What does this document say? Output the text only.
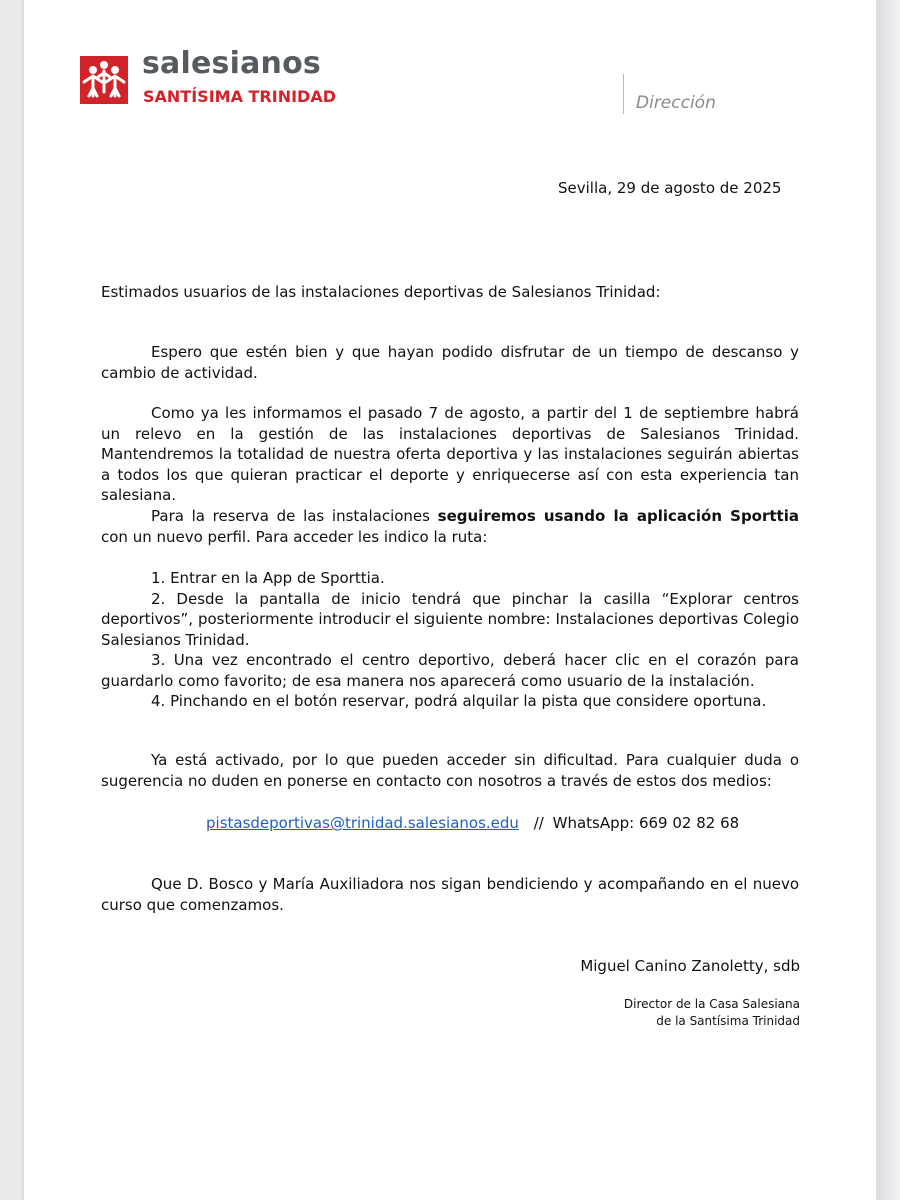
salesianos
SANTÍSIMA TRINIDAD	Dirección
Sevilla, 29 de agosto de 2025
Estimados usuarios de las instalaciones deportivas de Salesianos Trinidad:
Espero que estén bien y que hayan podido disfrutar de un tiempo de descanso y cambio de actividad.
Como ya les informamos el pasado 7 de agosto, a partir del 1 de septiembre habrá un relevo en la gestión de las instalaciones deportivas de Salesianos Trinidad. Mantendremos la totalidad de nuestra oferta deportiva y las instalaciones seguirán abiertas a todos los que quieran practicar el deporte y enriquecerse así con esta experiencia tan salesiana.
Para la reserva de las instalaciones seguiremos usando la aplicación Sporttia con un nuevo perfil. Para acceder les indico la ruta:
1. Entrar en la App de Sporttia.
2. Desde la pantalla de inicio tendrá que pinchar la casilla “Explorar centros deportivos”, posteriormente introducir el siguiente nombre: Instalaciones deportivas Colegio Salesianos Trinidad.
3. Una vez encontrado el centro deportivo, deberá hacer clic en el corazón para guardarlo como favorito; de esa manera nos aparecerá como usuario de la instalación.
4. Pinchando en el botón reservar, podrá alquilar la pista que considere oportuna.
Ya está activado, por lo que pueden acceder sin dificultad. Para cualquier duda o sugerencia no duden en ponerse en contacto con nosotros a través de estos dos medios:
pistasdeportivas@trinidad.salesianos.edu // WhatsApp: 669 02 82 68
Que D. Bosco y María Auxiliadora nos sigan bendiciendo y acompañando en el nuevo curso que comenzamos.
Miguel Canino Zanoletty, sdb
Director de la Casa Salesiana
de la Santísima Trinidad
